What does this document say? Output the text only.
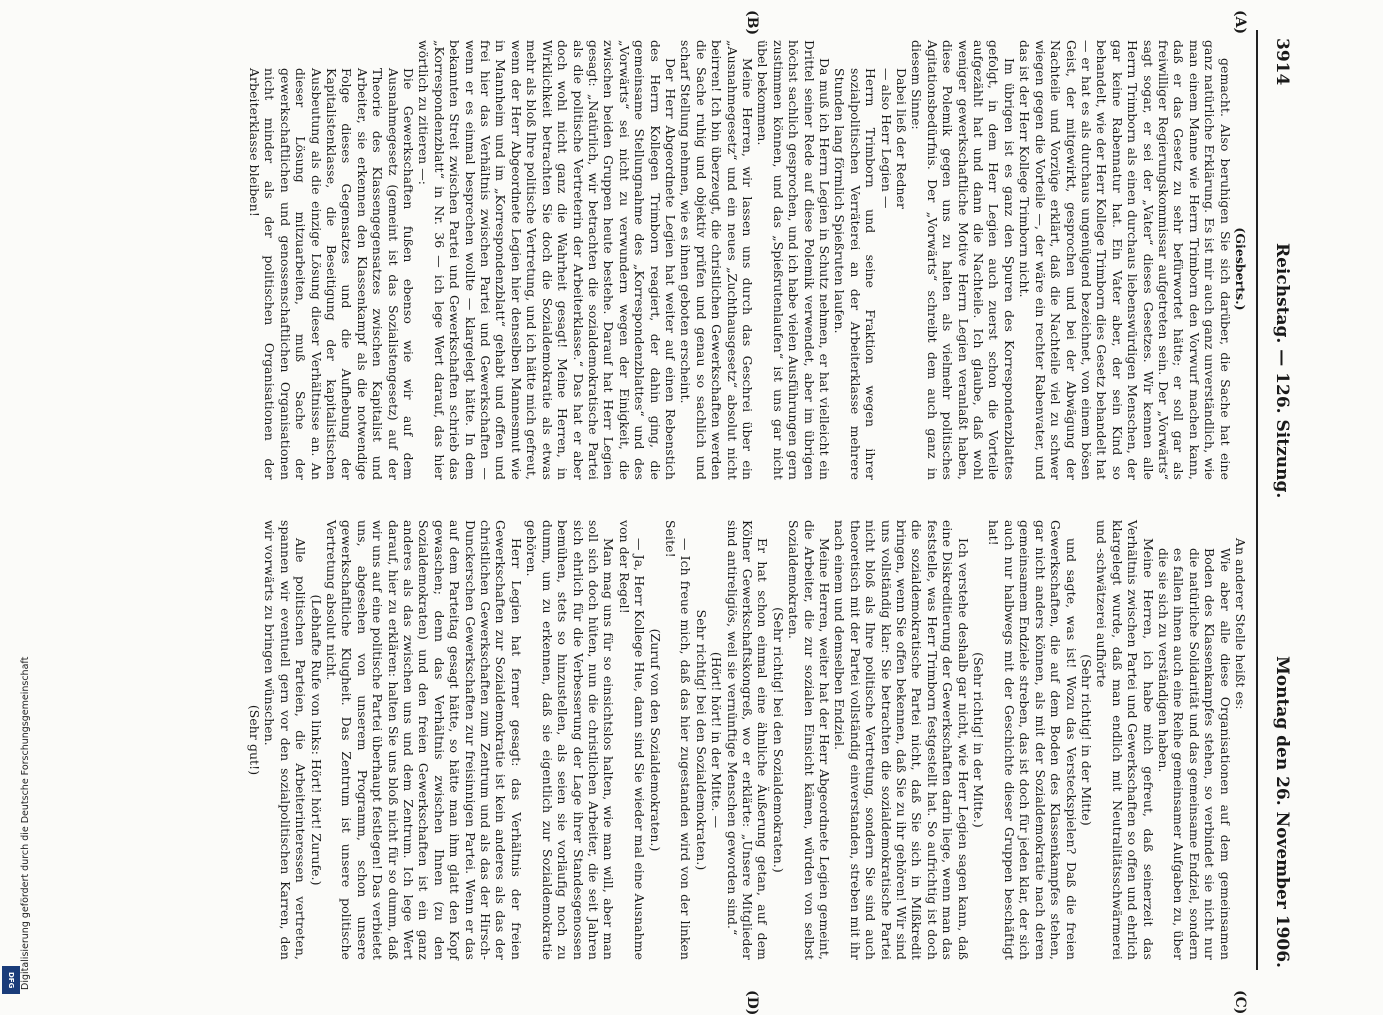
3914
Reichstag. — 126. Sitzung.
Montag den 26. November 1906.
(A)
(B)
(C)
(D)

(Giesberts.)

gemacht. Also beruhigen Sie sich darüber, die Sache hat eine ganz natürliche Erklärung. Es ist mir auch ganz unverständlich, wie man einem Manne wie Herrn Trimborn den Vorwurf machen kann, daß er das Gesetz zu sehr befürwortet hätte; er soll gar als freiwilliger Regierungskommissar aufgetreten sein. Der „Vorwärts“ sagt sogar, er sei der „Vater“ dieses Gesetzes. Wir kennen alle Herrn Trimborn als einen durchaus liebenswürdigen Menschen, der gar keine Rabennatur hat. Ein Vater aber, der sein Kind so behandelt, wie der Herr Kollege Trimborn dies Gesetz behandelt hat — er hat es als durchaus ungenügend bezeichnet, von einem bösen Geist, der mitgewirkt, gesprochen und bei der Abwägung der Nachteile und Vorzüge erklärt, daß die Nachteile viel zu schwer wiegen gegen die Vorteile —, der wäre ein rechter Rabenvater, und das ist der Herr Kollege Trimborn nicht.

Im übrigen ist es ganz den Spuren des Korrespondenzblattes gefolgt, in dem Herr Legien auch zuerst schon die Vorteile aufgezählt hat und dann die Nachteile. Ich glaube, daß wohl weniger gewerkschaftliche Motive Herrn Legien veranlaßt haben, diese Polemik gegen uns zu halten als vielmehr politisches Agitationsbedürfnis. Der „Vorwärts“ schreibt dem auch ganz in diesem Sinne:

Dabei ließ der Redner

— also Herr Legien —

Herrn Trimborn und seine Fraktion wegen ihrer sozialpolitischen Verräterei an der Arbeiterklasse mehrere Stunden lang förmlich Spießruten laufen.

Da muß ich Herrn Legien in Schutz nehmen, er hat vielleicht ein Drittel seiner Rede auf diese Polemik verwendet, aber im übrigen höchst sachlich gesprochen, und ich habe vielen Ausführungen gern zustimmen können, und das „Spießrutenlaufen“ ist uns gar nicht übel bekommen.

Meine Herren, wir lassen uns durch das Geschrei über ein „Ausnahmegesetz“ und ein neues „Zuchthausgesetz“ absolut nicht beirren! Ich bin überzeugt, die christlichen Gewerkschaften werden die Sache ruhig und objektiv prüfen und genau so sachlich und scharf Stellung nehmen, wie es ihnen geboten erscheint.

Der Herr Abgeordnete Legien hat weiter auf einen Rebenstich des Herrn Kollegen Trimborn reagiert, der dahin ging, die gemeinsame Stellungnahme des „Korrespondenzblattes“ und des „Vorwärts“ sei nicht zu verwundern wegen der Einigkeit, die zwischen beiden Gruppen heute bestehe. Darauf hat Herr Legien gesagt: „Natürlich, wir betrachten die sozialdemokratische Partei als die politische Vertreterin der Arbeiterklasse.“ Das hat er aber doch wohl nicht ganz die Wahrheit gesagt! Meine Herren, in Wirklichkeit betrachten Sie doch die Sozialdemokratie als etwas mehr als bloß Ihre politische Vertretung, und ich hätte mich gefreut, wenn der Herr Abgeordnete Legien hier denselben Mannesmut wie in Mannheim und im „Korrespondenzblatt“ gehabt und offen und frei hier das Verhältnis zwischen Partei und Gewerkschaften — wenn er es einmal besprechen wollte — klargelegt hätte. In dem bekannten Streit zwischen Partei und Gewerkschaften schrieb das „Korrespondenzblatt“ in Nr. 36 — ich lege Wert darauf, das hier wörtlich zu zitieren —:

Die Gewerkschaften fußen ebenso wie wir auf dem Ausnahmegesetz (gemeint ist das Sozialistengesetz) auf der Theorie des Klassengegensatzes zwischen Kapitalist und Arbeiter, sie erkennen den Klassenkampf als die notwendige Folge dieses Gegensatzes und die Aufhebung der Kapitalistenklasse, die Beseitigung der kapitalistischen Ausbeutung als die einzige Lösung dieser Verhältnisse an. An dieser Lösung mitzuarbeiten, muß Sache der gewerkschaftlichen und genossenschaftlichen Organisationen nicht minder als der politischen Organisationen der Arbeiterklasse bleiben!

An anderer Stelle heißt es:

Wie aber alle diese Organisationen auf dem gemeinsamen Boden des Klassenkampfes stehen, so verbindet sie nicht nur die natürliche Solidarität und das gemeinsame Endziel, sondern es fallen ihnen auch eine Reihe gemeinsamer Aufgaben zu, über die sie sich zu verständigen haben.

Meine Herren, ich habe mich gefreut, daß seinerzeit das Verhältnis zwischen Partei und Gewerkschaften so offen und ehrlich klargelegt wurde, daß man endlich mit Neutralitätsschwärmerei und -schwätzerei aufhörte

(Sehr richtig! in der Mitte)

und sagte, was ist! Wozu das Versteckspielen? Daß die freien Gewerkschaften, die auf dem Boden des Klassenkampfes stehen, gar nicht anders können, als mit der Sozialdemokratie nach deren gemeinsamem Endziele streben, das ist doch für jeden klar, der sich auch nur halbwegs mit der Geschichte dieser Gruppen beschäftigt hat!

(Sehr richtig! in der Mitte.)

Ich verstehe deshalb gar nicht, wie Herr Legien sagen kann, daß eine Diskreditierung der Gewerkschaften darin liege, wenn man das feststelle, was Herr Trimborn festgestellt hat. So aufrichtig ist doch die sozialdemokratische Partei nicht, daß Sie sich in Mißkredit bringen, wenn Sie offen bekennen, daß Sie zu ihr gehören! Wir sind uns vollständig klar: Sie betrachten die sozialdemokratische Partei nicht bloß als Ihre politische Vertretung, sondern Sie sind auch theoretisch mit der Partei vollständig einverstanden, streben mit ihr nach einem und demselben Endziel.

Meine Herren, weiter hat der Herr Abgeordnete Legien gemeint, die Arbeiter, die zur sozialen Einsicht kämen, würden von selbst Sozialdemokraten.

(Sehr richtig! bei den Sozialdemokraten.)

Er hat schon einmal eine ähnliche Äußerung getan, auf dem Kölner Gewerkschaftskongreß, wo er erklärte: „Unsere Mitglieder sind antireligiös, weil sie vernünftige Menschen geworden sind.“

(Hört! hört! in der Mitte. —

Sehr richtig! bei den Sozialdemokraten.)

— Ich freue mich, daß das hier zugestanden wird von der linken Seite!

(Zuruf von den Sozialdemokraten.)

— Ja, Herr Kollege Hue, dann sind Sie wieder mal eine Ausnahme von der Regel!

Man mag uns für so einsichtslos halten, wie man will, aber man soll sich doch hüten, nun die christlichen Arbeiter, die seit Jahren sich ehrlich für die Verbesserung der Lage ihrer Standesgenossen bemühen, stets so hinzustellen, als seien sie vorläufig noch zu dumm, um zu erkennen, daß sie eigentlich zur Sozialdemokratie gehören.

Herr Legien hat ferner gesagt: das Verhältnis der freien Gewerkschaften zur Sozialdemokratie ist kein anderes als das der christlichen Gewerkschaften zum Zentrum und als das der Hirsch-Dunckerschen Gewerkschaften zur freisinnigen Partei. Wenn er das auf dem Parteitag gesagt hätte, so hätte man ihm glatt den Kopf gewaschen; denn das Verhältnis zwischen Ihnen (zu den Sozialdemokraten) und den freien Gewerkschaften ist ein ganz anderes als das zwischen uns und dem Zentrum. Ich lege Wert darauf, hier zu erklären: halten Sie uns bloß nicht für so dumm, daß wir uns auf eine politische Partei überhaupt festlegen! Das verbietet uns, abgesehen von unserem Programm, schon unsere gewerkschaftliche Klugheit. Das Zentrum ist unsere politische Vertretung absolut nicht.

(Lebhafte Rufe von links: Hört! hört! Zurufe.)

Alle politischen Parteien, die Arbeiterinteressen vertreten, spannen wir eventuell gern vor den sozialpolitischen Karren, den wir vorwärts zu bringen wünschen.

(Sehr gut!)

Digitalisierung gefördert durch die Deutsche Forschungsgemeinschaft
DFG
